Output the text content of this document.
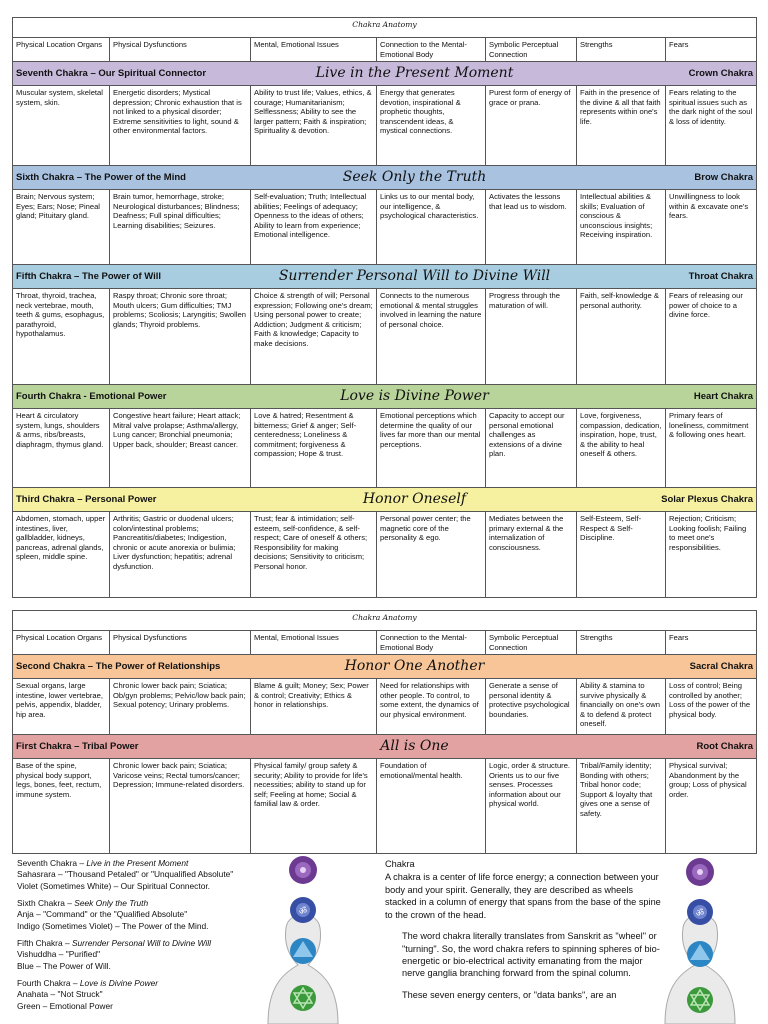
Chakra Anatomy						
Physical Location Organs	Physical Dysfunctions	Mental, Emotional Issues	Connection to the Mental-Emotional Body	Symbolic Perceptual Connection	Strengths	Fears

Seventh Chakra – Our Spiritual Connector Live in the Present Moment Crown Chakra						

Muscular system, skeletal system, skin.	Energetic disorders; Mystical depression; Chronic exhaustion that is not linked to a physical disorder; Extreme sensitivities to light, sound & other environmental factors.	Ability to trust life; Values, ethics, & courage; Humanitarianism; Selflessness; Ability to see the larger pattern; Faith & inspiration; Spirituality & devotion.	Energy that generates devotion, inspirational & prophetic thoughts, transcendent ideas, & mystical connections.	Purest form of energy of grace or prana.	Faith in the presence of the divine & all that faith represents within one's life.	Fears relating to the spiritual issues such as the dark night of the soul & loss of identity.

Sixth Chakra – The Power of the Mind Seek Only the Truth Brow Chakra						

Brain; Nervous system; Eyes; Ears; Nose; Pineal gland; Pituitary gland.	Brain tumor, hemorrhage, stroke; Neurological disturbances; Blindness; Deafness; Full spinal difficulties; Learning disabilities; Seizures.	Self-evaluation; Truth; Intellectual abilities; Feelings of adequacy; Openness to the ideas of others; Ability to learn from experience; Emotional intelligence.	Links us to our mental body, our intelligence, & psychological characteristics.	Activates the lessons that lead us to wisdom.	Intellectual abilities & skills; Evaluation of conscious & unconscious insights; Receiving inspiration.	Unwillingness to look within & excavate one's fears.

Fifth Chakra – The Power of Will Surrender Personal Will to Divine Will Throat Chakra						

Throat, thyroid, trachea, neck vertebrae, mouth, teeth & gums, esophagus, parathyroid, hypothalamus.	Raspy throat; Chronic sore throat; Mouth ulcers; Gum difficulties; TMJ problems; Scoliosis; Laryngitis; Swollen glands; Thyroid problems.	Choice & strength of will; Personal expression; Following one's dream; Using personal power to create; Addiction; Judgment & criticism; Faith & knowledge; Capacity to make decisions.	Connects to the numerous emotional & mental struggles involved in learning the nature of personal choice.	Progress through the maturation of will.	Faith, self-knowledge & personal authority.	Fears of releasing our power of choice to a divine force.

Fourth Chakra - Emotional Power Love is Divine Power Heart Chakra						

Heart & circulatory system, lungs, shoulders & arms, ribs/breasts, diaphragm, thymus gland.	Congestive heart failure; Heart attack; Mitral valve prolapse; Asthma/allergy, Lung cancer; Bronchial pneumonia; Upper back, shoulder; Breast cancer.	Love & hatred; Resentment & bitterness; Grief & anger; Self-centeredness; Loneliness & commitment; forgiveness & compassion; Hope & trust.	Emotional perceptions which determine the quality of our lives far more than our mental perceptions.	Capacity to accept our personal emotional challenges as extensions of a divine plan.	Love, forgiveness, compassion, dedication, inspiration, hope, trust, & the ability to heal oneself & others.	Primary fears of loneliness, commitment & following ones heart.

Third Chakra – Personal Power Honor Oneself Solar Plexus Chakra						

Abdomen, stomach, upper intestines, liver, gallbladder, kidneys, pancreas, adrenal glands, spleen, middle spine.	Arthritis; Gastric or duodenal ulcers; colon/intestinal problems; Pancreatitis/diabetes; Indigestion, chronic or acute anorexia or bulimia; Liver dysfunction; hepatitis; adrenal dysfunction.	Trust; fear & intimidation; self-esteem, self-confidence, & self-respect; Care of oneself & others; Responsibility for making decisions; Sensitivity to criticism; Personal honor.	Personal power center; the magnetic core of the personality & ego.	Mediates between the primary external & the internalization of consciousness.	Self-Esteem, Self-Respect & Self-Discipline.	Rejection; Criticism; Looking foolish; Failing to meet one's responsibilities.
Chakra Anatomy						
Physical Location Organs	Physical Dysfunctions	Mental, Emotional Issues	Connection to the Mental-Emotional Body	Symbolic Perceptual Connection	Strengths	Fears

Second Chakra – The Power of Relationships Honor One Another Sacral Chakra						

Sexual organs, large intestine, lower vertebrae, pelvis, appendix, bladder, hip area.	Chronic lower back pain; Sciatica; Ob/gyn problems; Pelvic/low back pain; Sexual potency; Urinary problems.	Blame & guilt; Money; Sex; Power & control; Creativity; Ethics & honor in relationships.	Need for relationships with other people. To control, to some extent, the dynamics of our physical environment.	Generate a sense of personal identity & protective psychological boundaries.	Ability & stamina to survive physically & financially on one's own & to defend & protect oneself.	Loss of control; Being controlled by another; Loss of the power of the physical body.

First Chakra – Tribal Power All is One Root Chakra						

Base of the spine, physical body support, legs, bones, feet, rectum, immune system.	Chronic lower back pain; Sciatica; Varicose veins; Rectal tumors/cancer; Depression; Immune-related disorders.	Physical family/ group safety & security; Ability to provide for life's necessities; ability to stand up for self; Feeling at home; Social & familial law & order.	Foundation of emotional/mental health.	Logic, order & structure. Orients us to our five senses. Processes information about our physical world.	Tribal/Family identity; Bonding with others; Tribal honor code; Support & loyalty that gives one a sense of safety.	Physical survival; Abandonment by the group; Loss of physical order.
Seventh Chakra – Live in the Present Moment
Sahasrara – "Thousand Petaled" or "Unqualified Absolute"
Violet (Sometimes White) – Our Spiritual Connector.
Sixth Chakra – Seek Only the Truth
Anja – "Command" or the "Qualified Absolute"
Indigo (Sometimes Violet) – The Power of the Mind.
Fifth Chakra – Surrender Personal Will to Divine Will
Vishuddha – "Purified"
Blue – The Power of Will.
Fourth Chakra – Love is Divine Power
Anahata – "Not Struck"
Green – Emotional Power
ॐ
Chakra
A chakra is a center of life force energy; a connection between your body and your spirit. Generally, they are described as wheels stacked in a column of energy that spans from the base of the spine to the crown of the head.
The word chakra literally translates from Sanskrit as "wheel" or "turning". So, the word chakra refers to spinning spheres of bio-energetic or bio-electrical activity emanating from the major nerve ganglia branching forward from the spinal column.
These seven energy centers, or "data banks", are an
ॐ
